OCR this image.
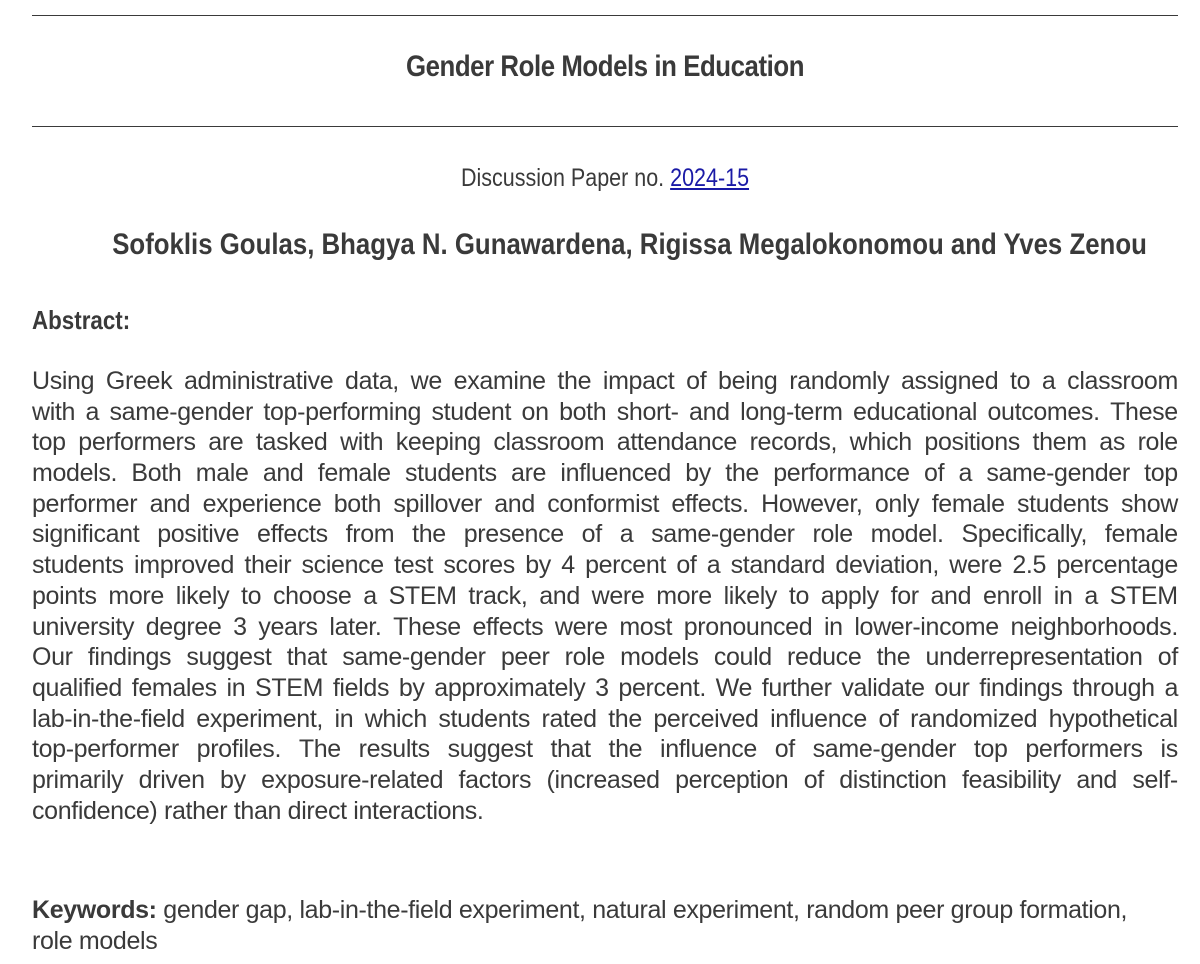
Gender Role Models in Education
Discussion Paper no. 2024-15
Sofoklis Goulas, Bhagya N. Gunawardena, Rigissa Megalokonomou and Yves Zenou
Abstract:
Using Greek administrative data, we examine the impact of being randomly assigned to a classroom
with a same-gender top-performing student on both short- and long-term educational outcomes. These
top performers are tasked with keeping classroom attendance records, which positions them as role
models. Both male and female students are influenced by the performance of a same-gender top
performer and experience both spillover and conformist effects. However, only female students show
significant positive effects from the presence of a same-gender role model. Specifically, female
students improved their science test scores by 4 percent of a standard deviation, were 2.5 percentage
points more likely to choose a STEM track, and were more likely to apply for and enroll in a STEM
university degree 3 years later. These effects were most pronounced in lower-income neighborhoods.
Our findings suggest that same-gender peer role models could reduce the underrepresentation of
qualified females in STEM fields by approximately 3 percent. We further validate our findings through a
lab-in-the-field experiment, in which students rated the perceived influence of randomized hypothetical
top-performer profiles. The results suggest that the influence of same-gender top performers is
primarily driven by exposure-related factors (increased perception of distinction feasibility and self-
confidence) rather than direct interactions.
Keywords: gender gap, lab-in-the-field experiment, natural experiment, random peer group formation,
role models
